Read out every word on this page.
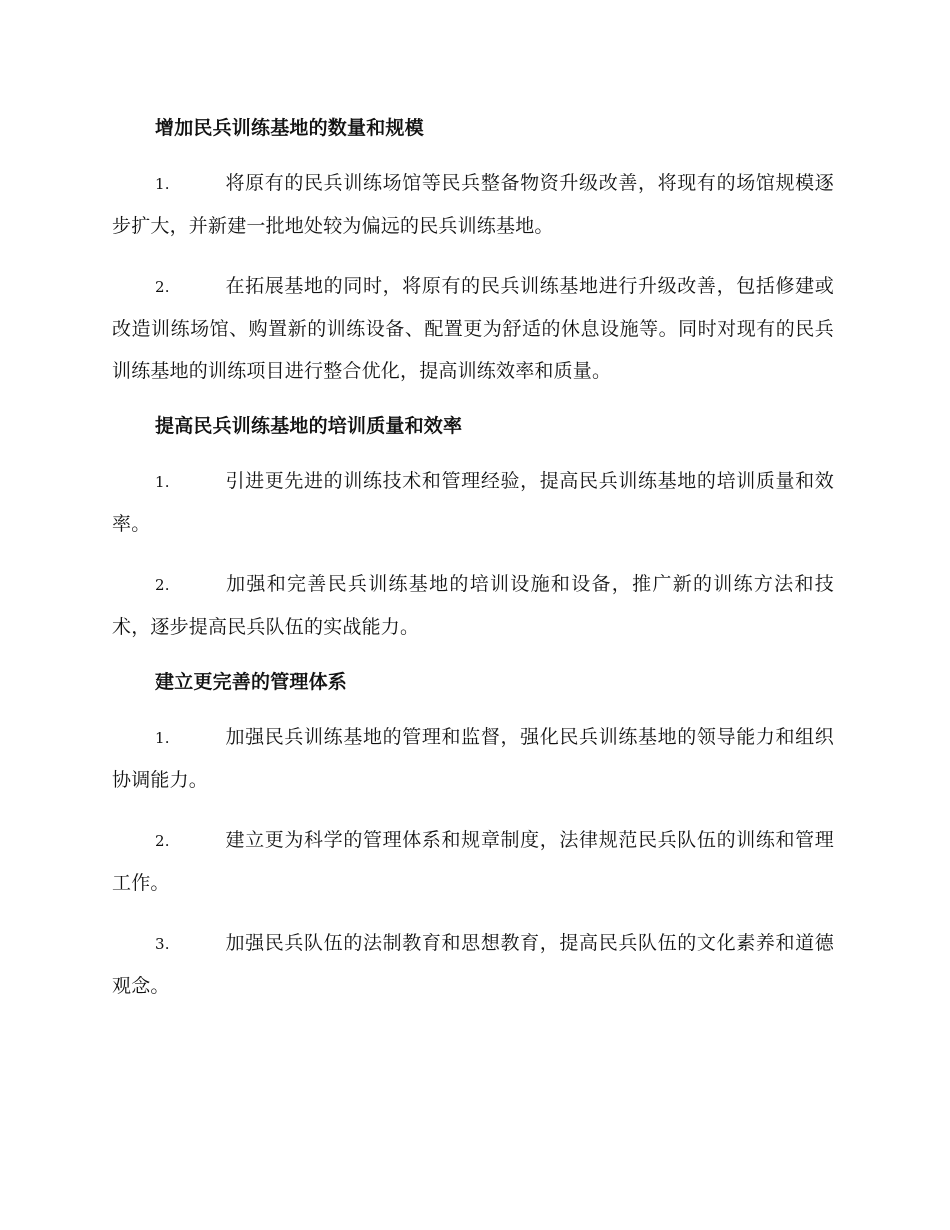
增加民兵训练基地的数量和规模

1.	将原有的民兵训练场馆等民兵整备物资升级改善，将现有的场馆规模逐步扩大，并新建一批地处较为偏远的民兵训练基地。

2.	在拓展基地的同时，将原有的民兵训练基地进行升级改善，包括修建或改造训练场馆、购置新的训练设备、配置更为舒适的休息设施等。同时对现有的民兵训练基地的训练项目进行整合优化，提高训练效率和质量。

提高民兵训练基地的培训质量和效率

1.	引进更先进的训练技术和管理经验，提高民兵训练基地的培训质量和效率。

2.	加强和完善民兵训练基地的培训设施和设备，推广新的训练方法和技术，逐步提高民兵队伍的实战能力。

建立更完善的管理体系

1.	加强民兵训练基地的管理和监督，强化民兵训练基地的领导能力和组织协调能力。

2.	建立更为科学的管理体系和规章制度，法律规范民兵队伍的训练和管理工作。

3.	加强民兵队伍的法制教育和思想教育，提高民兵队伍的文化素养和道德观念。
